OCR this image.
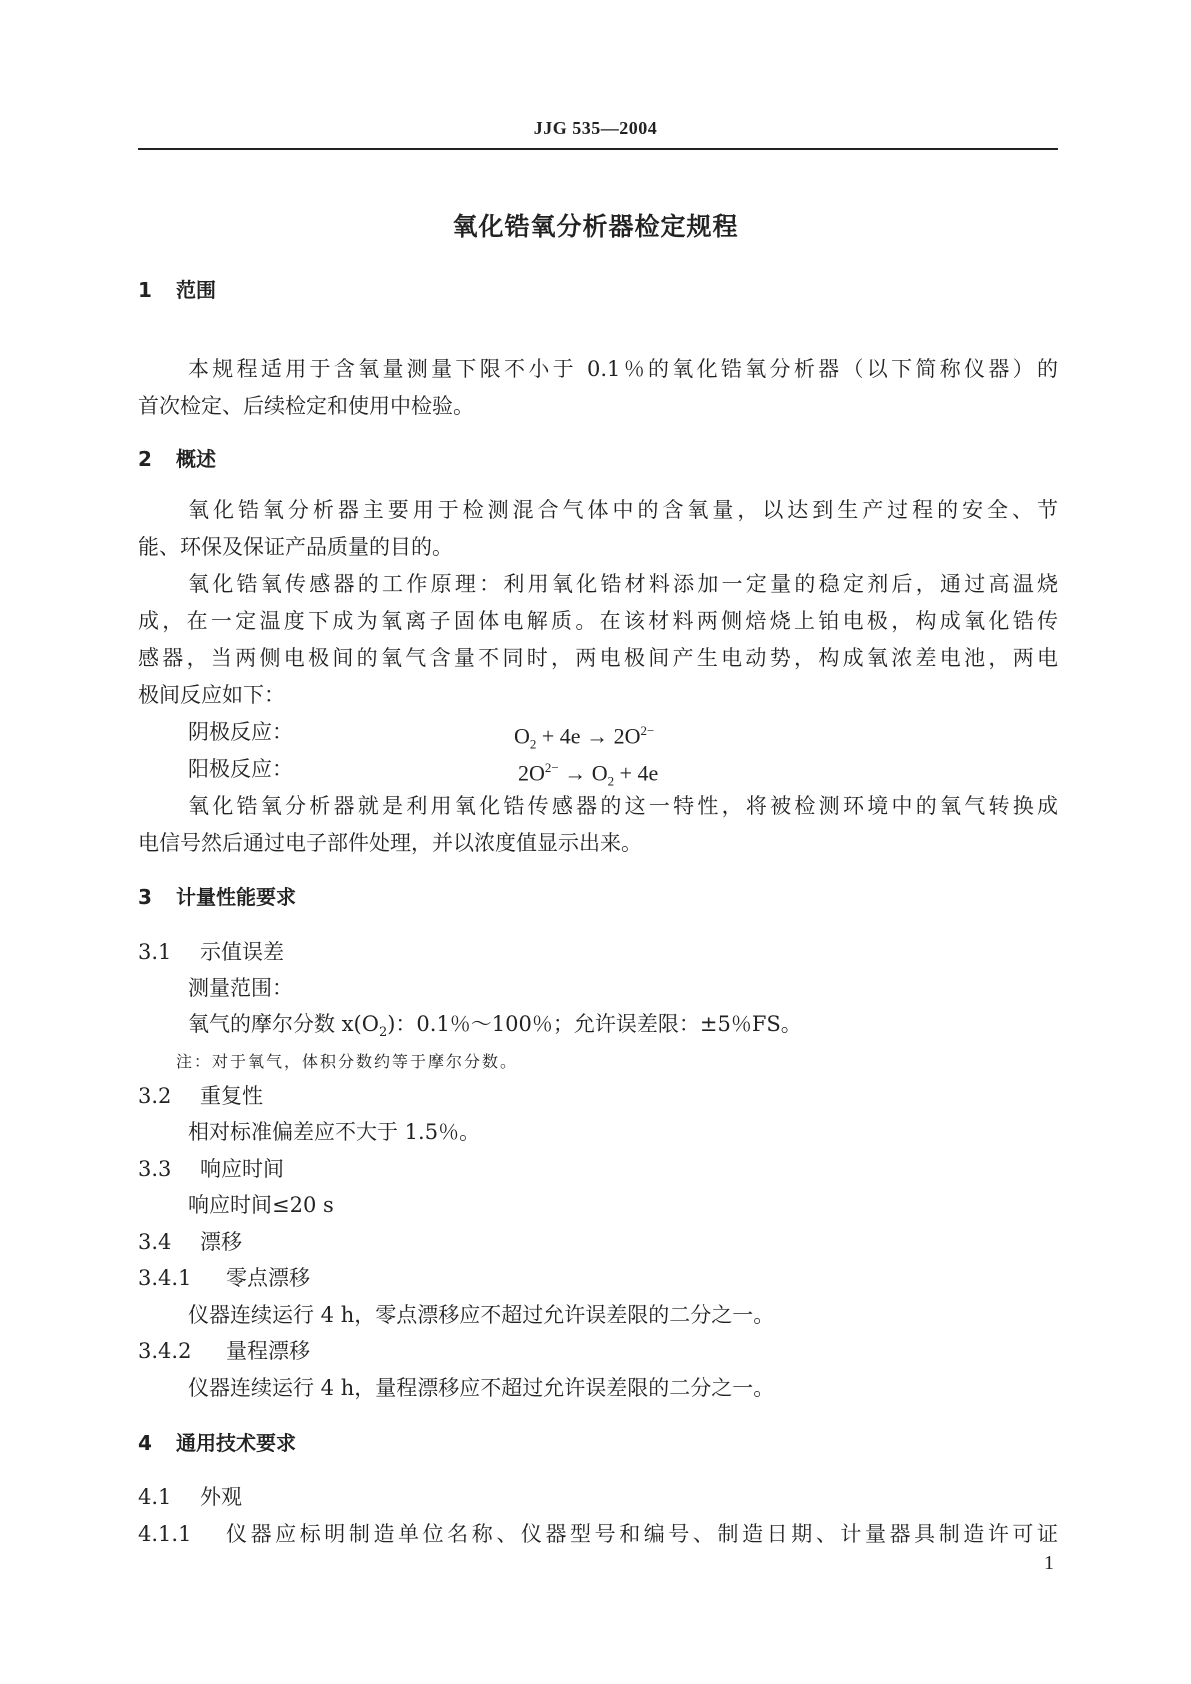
JJG 535—2004
氧化锆氧分析器检定规程
1 范围
本规程适用于含氧量测量下限不小于 0.1％的氧化锆氧分析器（以下简称仪器）的
首次检定、后续检定和使用中检验。
2 概述
氧化锆氧分析器主要用于检测混合气体中的含氧量，以达到生产过程的安全、节
能、环保及保证产品质量的目的。
氧化锆氧传感器的工作原理：利用氧化锆材料添加一定量的稳定剂后，通过高温烧
成，在一定温度下成为氧离子固体电解质。在该材料两侧焙烧上铂电极，构成氧化锆传
感器，当两侧电极间的氧气含量不同时，两电极间产生电动势，构成氧浓差电池，两电
极间反应如下：
阴极反应：	$O_2 + 4e \to 2O^{2-}$
阳极反应：	$2O^{2-} \to O_2 + 4e$
氧化锆氧分析器就是利用氧化锆传感器的这一特性，将被检测环境中的氧气转换成
电信号然后通过电子部件处理，并以浓度值显示出来。
3 计量性能要求
3.1 示值误差
测量范围：
氧气的摩尔分数 $x(O_2)$：0.1％～100％；允许误差限：±5％FS。
注：对于氧气，体积分数约等于摩尔分数。
3.2 重复性
相对标准偏差应不大于 1.5％。
3.3 响应时间
响应时间≤20 s
3.4 漂移
3.4.1 零点漂移
仪器连续运行 4 h，零点漂移应不超过允许误差限的二分之一。
3.4.2 量程漂移
仪器连续运行 4 h，量程漂移应不超过允许误差限的二分之一。
4 通用技术要求
4.1 外观
4.1.1	仪器应标明制造单位名称、仪器型号和编号、制造日期、计量器具制造许可证
1
